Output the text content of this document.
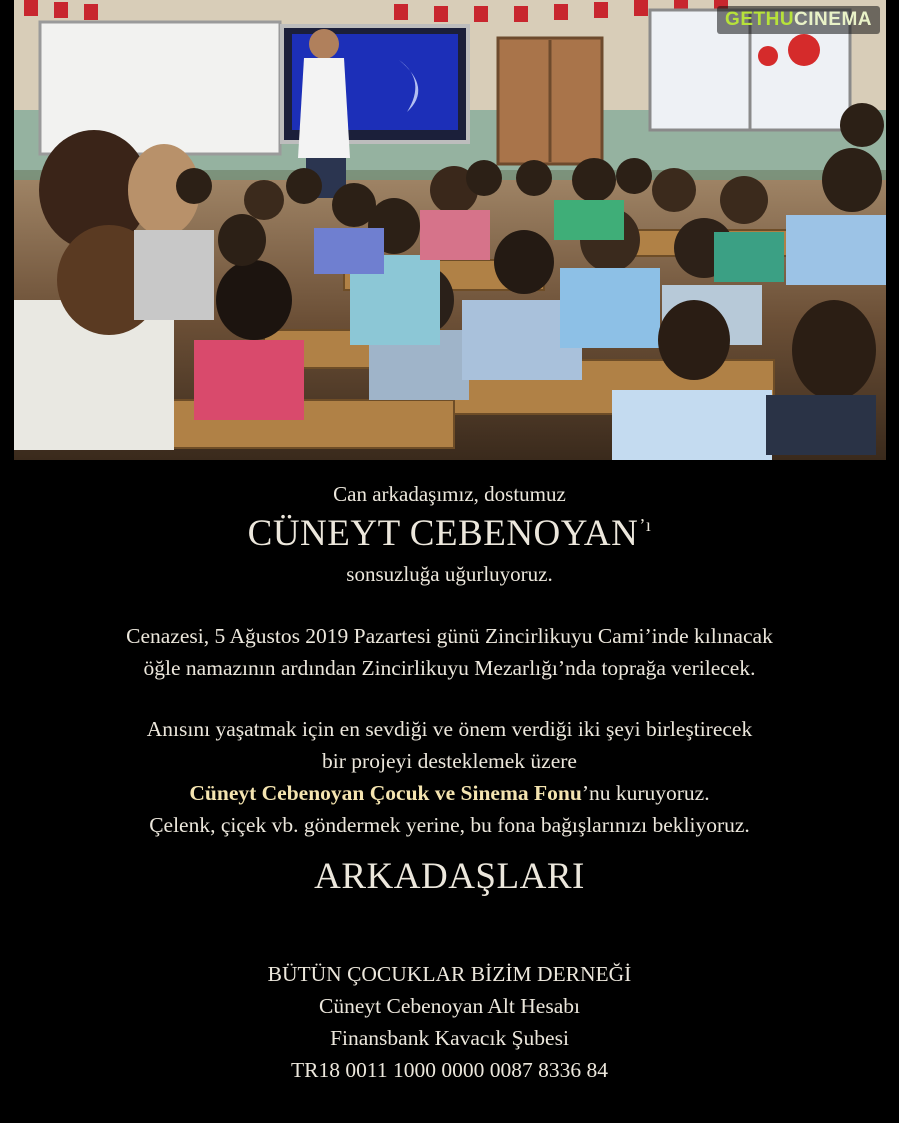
GETHUCINEMA
Can arkadaşımız, dostumuz
CÜNEYT $CEBENOYAN^{’ı}$
sonsuzluğa uğurluyoruz.
Cenazesi, 5 Ağustos 2019 Pazartesi günü Zincirlikuyu Cami’inde kılınacak
öğle namazının ardından Zincirlikuyu Mezarlığı’nda toprağa verilecek.
Anısını yaşatmak için en sevdiği ve önem verdiği iki şeyi birleştirecek
bir projeyi desteklemek üzere
Cüneyt Cebenoyan Çocuk ve Sinema Fonu’nu kuruyoruz.
Çelenk, çiçek vb. göndermek yerine, bu fona bağışlarınızı bekliyoruz.
ARKADAŞLARI
BÜTÜN ÇOCUKLAR BİZİM DERNEĞİ
Cüneyt Cebenoyan Alt Hesabı
Finansbank Kavacık Şubesi
TR18 0011 1000 0000 0087 8336 84
